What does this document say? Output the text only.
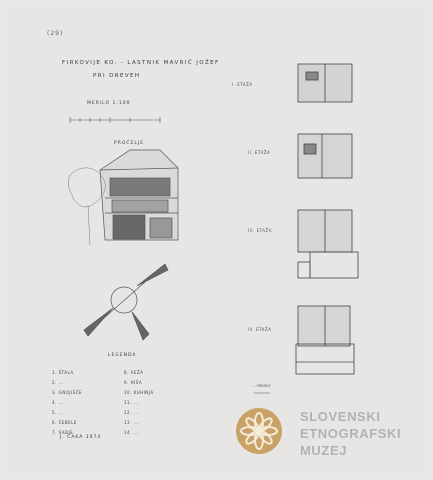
(29)
FIRKOVIJE KO. - LASTNIK MAVRIČ JOŽEF
PRI DREVEH
MERILO 1:100
PROČELJE
I. ETAŽA
II. ETAŽA
III. ETAŽA
IV. ETAŽA
LEGENDA
1. ŠTALA
2. ...
3. GNOJIŠČE
4. ...
5. ...
6. ČEBELE
7. SADJE
8. VEŽA
9. HIŠA
10. KUHINJA
11. ...
12. ...
13. ...
14. ...
... PREREZ
J. ČAKA 1974
SLOVENSKI
ETNOGRAFSKI
MUZEJ
